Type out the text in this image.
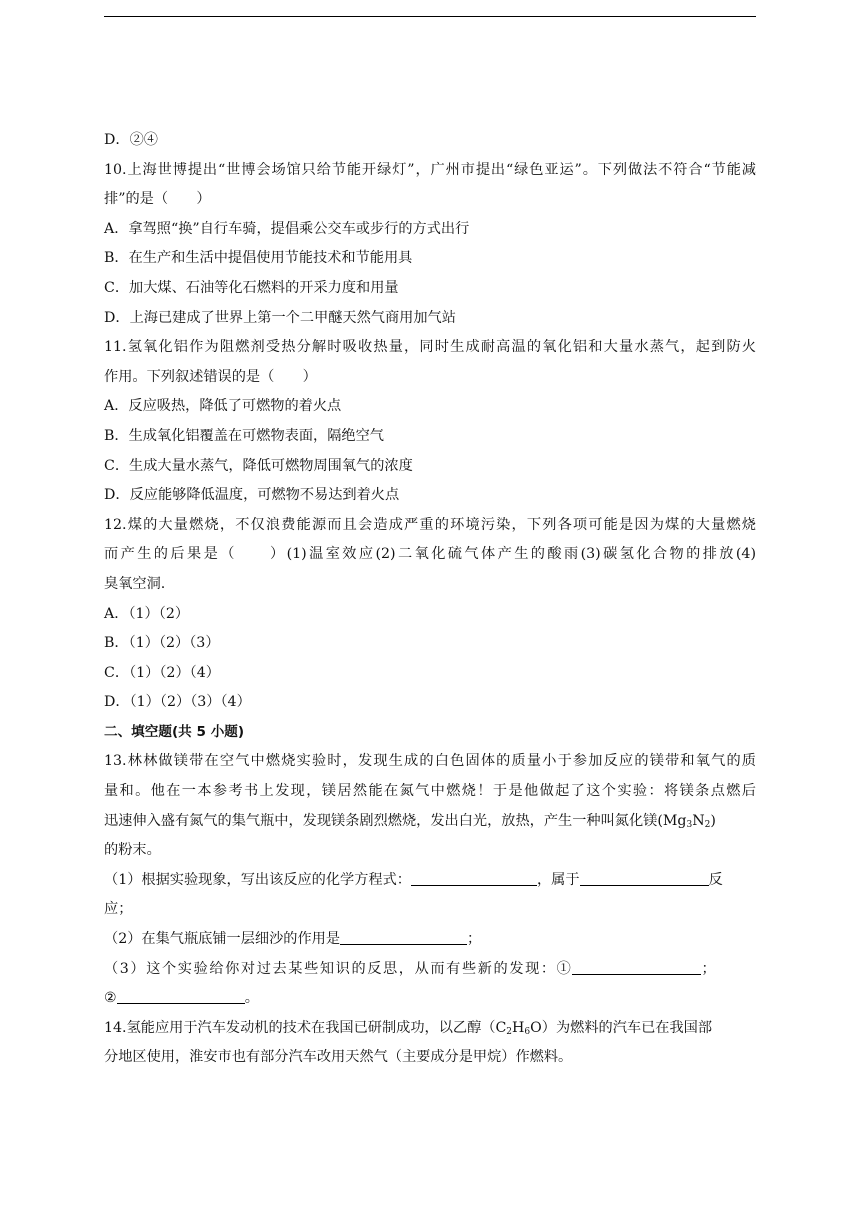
D．②④
10.上海世博提出“世博会场馆只给节能开绿灯”，广州市提出“绿色亚运”。下列做法不符合“节能减
排”的是（　　）
A．拿驾照“换”自行车骑，提倡乘公交车或步行的方式出行
B．在生产和生活中提倡使用节能技术和节能用具
C．加大煤、石油等化石燃料的开采力度和用量
D．上海已建成了世界上第一个二甲醚天然气商用加气站
11.氢氧化铝作为阻燃剂受热分解时吸收热量，同时生成耐高温的氧化铝和大量水蒸气，起到防火
作用。下列叙述错误的是（　　）
A．反应吸热，降低了可燃物的着火点
B．生成氧化铝覆盖在可燃物表面，隔绝空气
C．生成大量水蒸气，降低可燃物周围氧气的浓度
D．反应能够降低温度，可燃物不易达到着火点
12.煤的大量燃烧，不仅浪费能源而且会造成严重的环境污染，下列各项可能是因为煤的大量燃烧
而产生的后果是（　　）(1)温室效应(2)二氧化硫气体产生的酸雨(3)碳氢化合物的排放(4)
臭氧空洞.
A．（1）（2）
B．（1）（2）（3）
C．（1）（2）（4）
D．（1）（2）（3）（4）
二、填空题(共 5 小题)
13.林林做镁带在空气中燃烧实验时，发现生成的白色固体的质量小于参加反应的镁带和氧气的质
量和。他在一本参考书上发现，镁居然能在氮气中燃烧！于是他做起了这个实验：将镁条点燃后
迅速伸入盛有氮气的集气瓶中，发现镁条剧烈燃烧，发出白光，放热，产生一种叫氮化镁$(Mg_3N_2)$
的粉末。
（1）根据实验现象，写出该反应的化学方程式：	，属于	反
应；
（2）在集气瓶底铺一层细沙的作用是	；
（3）这个实验给你对过去某些知识的反思，从而有些新的发现：①	；
②	。
14.氢能应用于汽车发动机的技术在我国已研制成功，以乙醇$(C_2H_6O)$为燃料的汽车已在我国部
分地区使用，淮安市也有部分汽车改用天然气（主要成分是甲烷）作燃料。
